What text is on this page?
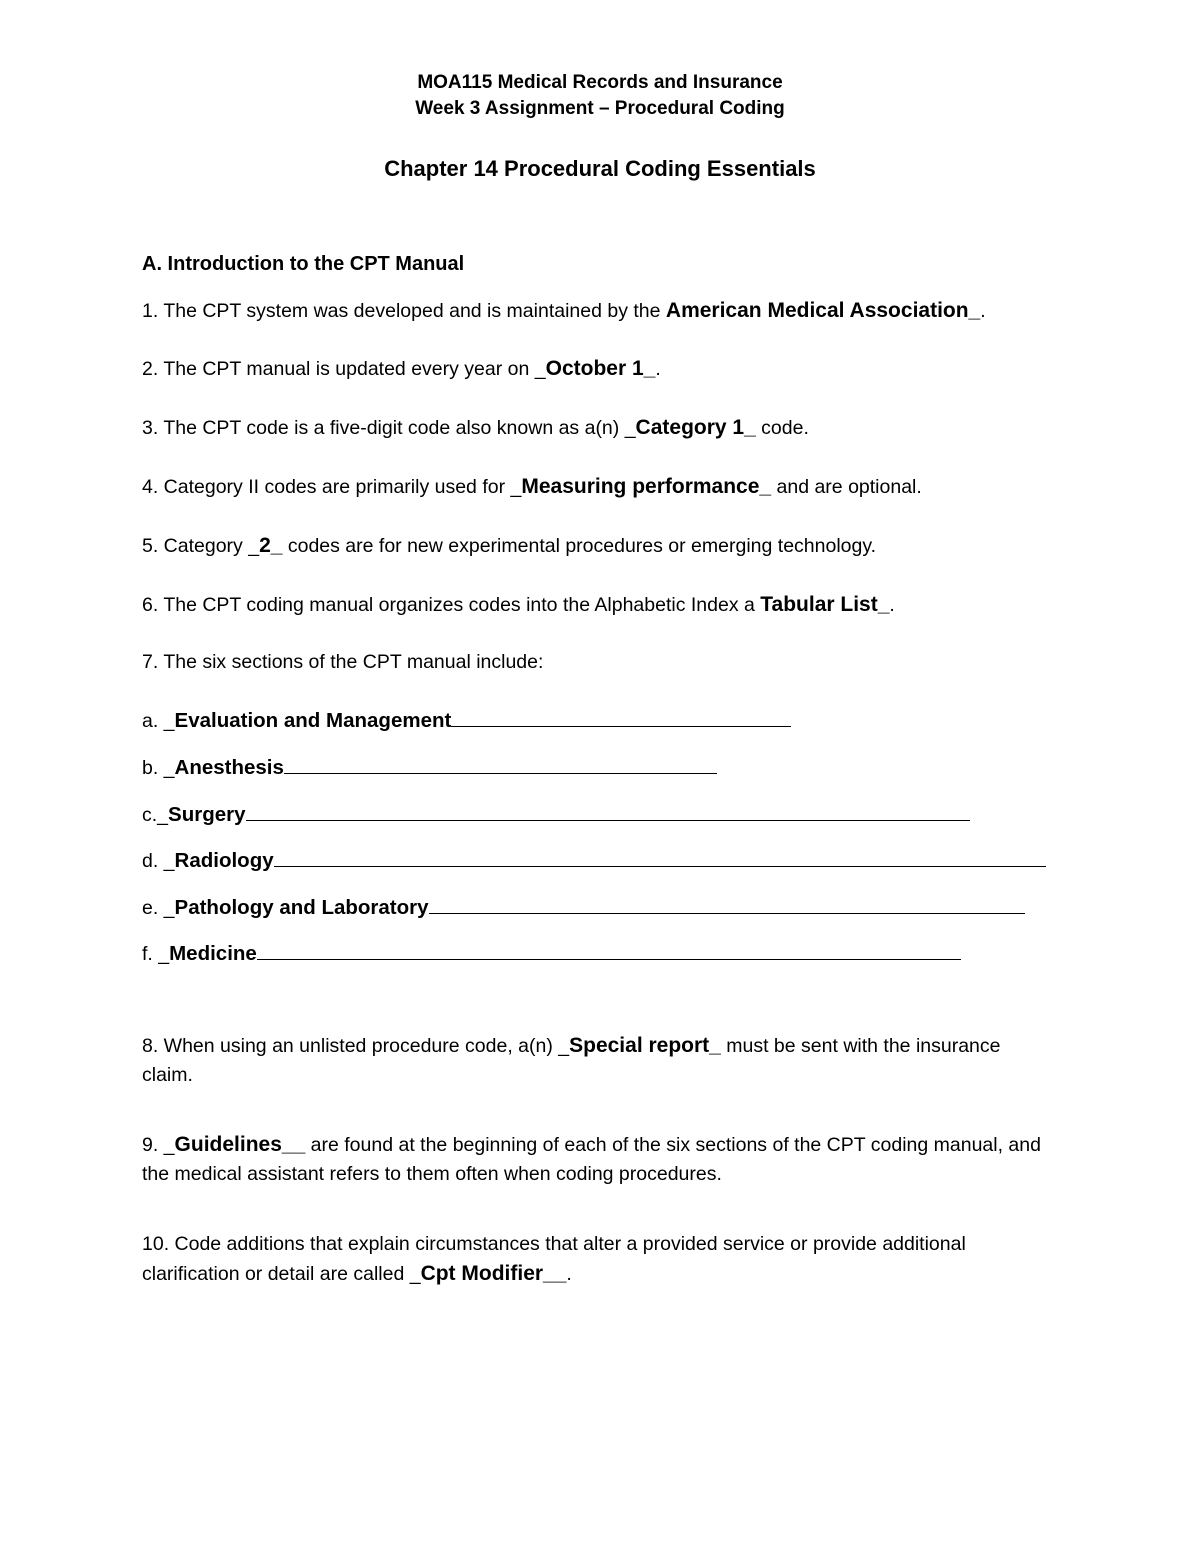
MOA115 Medical Records and Insurance
Week 3 Assignment – Procedural Coding
Chapter 14 Procedural Coding Essentials
A. Introduction to the CPT Manual
1. The CPT system was developed and is maintained by the American Medical Association_.
2. The CPT manual is updated every year on _October 1_.
3. The CPT code is a five-digit code also known as a(n) _Category 1_ code.
4. Category II codes are primarily used for _Measuring performance_ and are optional.
5. Category _2_ codes are for new experimental procedures or emerging technology.
6. The CPT coding manual organizes codes into the Alphabetic Index a Tabular List_.
7. The six sections of the CPT manual include:
a. _Evaluation and Management
b. _Anesthesis
c._Surgery
d. _Radiology
e. _Pathology and Laboratory
f. _Medicine
8. When using an unlisted procedure code, a(n) _Special report_ must be sent with the insurance claim.
9. _Guidelines__ are found at the beginning of each of the six sections of the CPT coding manual, and the medical assistant refers to them often when coding procedures.
10. Code additions that explain circumstances that alter a provided service or provide additional clarification or detail are called _Cpt Modifier__.
